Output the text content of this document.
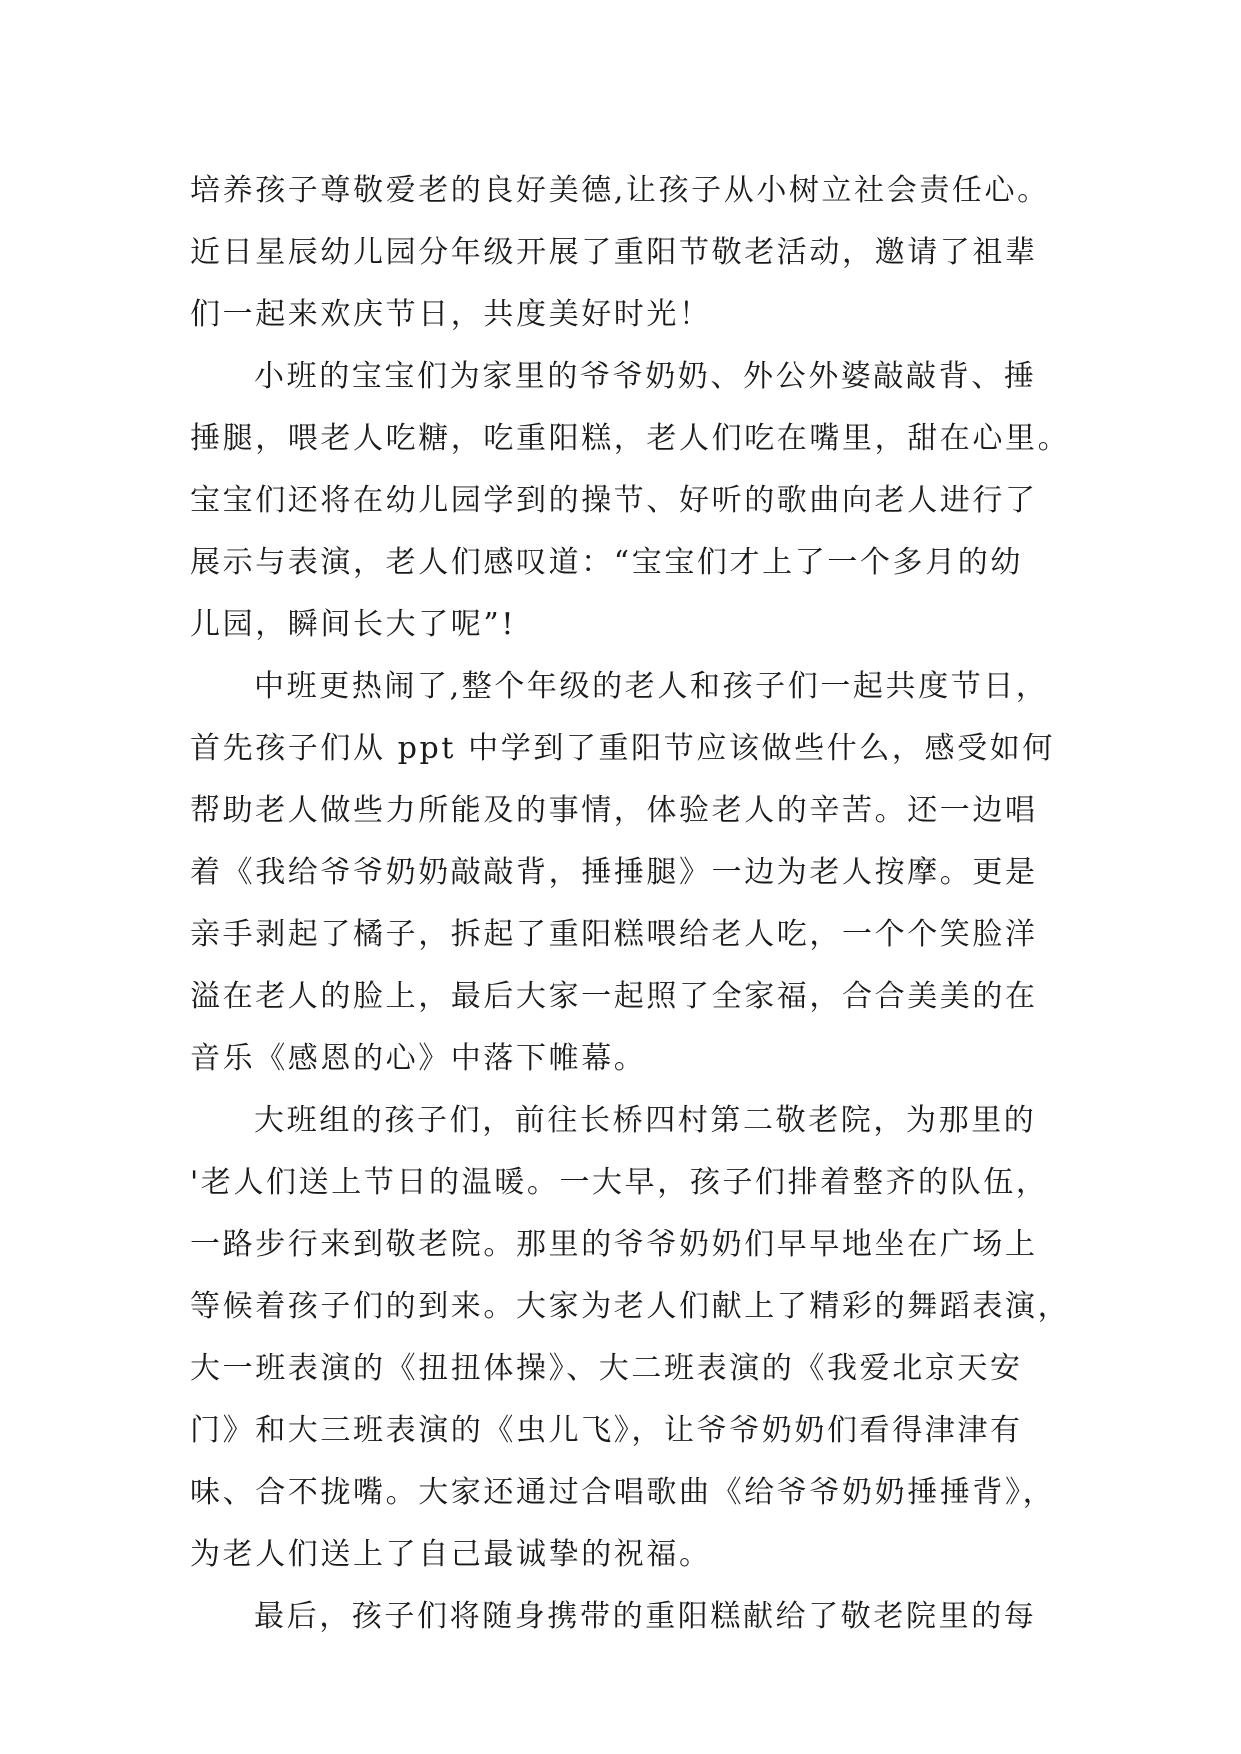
培养孩子尊敬爱老的良好美德,让孩子从小树立社会责任心。
近日星辰幼儿园分年级开展了重阳节敬老活动，邀请了祖辈
们一起来欢庆节日，共度美好时光！
小班的宝宝们为家里的爷爷奶奶、外公外婆敲敲背、捶
捶腿，喂老人吃糖，吃重阳糕，老人们吃在嘴里，甜在心里。
宝宝们还将在幼儿园学到的操节、好听的歌曲向老人进行了
展示与表演，老人们感叹道：“宝宝们才上了一个多月的幼
儿园，瞬间长大了呢”!
中班更热闹了,整个年级的老人和孩子们一起共度节日，
首先孩子们从 ppt 中学到了重阳节应该做些什么，感受如何
帮助老人做些力所能及的事情，体验老人的辛苦。还一边唱
着《我给爷爷奶奶敲敲背，捶捶腿》一边为老人按摩。更是
亲手剥起了橘子，拆起了重阳糕喂给老人吃，一个个笑脸洋
溢在老人的脸上，最后大家一起照了全家福，合合美美的在
音乐《感恩的心》中落下帷幕。
大班组的孩子们，前往长桥四村第二敬老院，为那里的
'老人们送上节日的温暖。一大早，孩子们排着整齐的队伍，
一路步行来到敬老院。那里的爷爷奶奶们早早地坐在广场上
等候着孩子们的到来。大家为老人们献上了精彩的舞蹈表演，
大一班表演的《扭扭体操》、大二班表演的《我爱北京天安
门》和大三班表演的《虫儿飞》，让爷爷奶奶们看得津津有
味、合不拢嘴。大家还通过合唱歌曲《给爷爷奶奶捶捶背》，
为老人们送上了自己最诚挚的祝福。
最后，孩子们将随身携带的重阳糕献给了敬老院里的每
